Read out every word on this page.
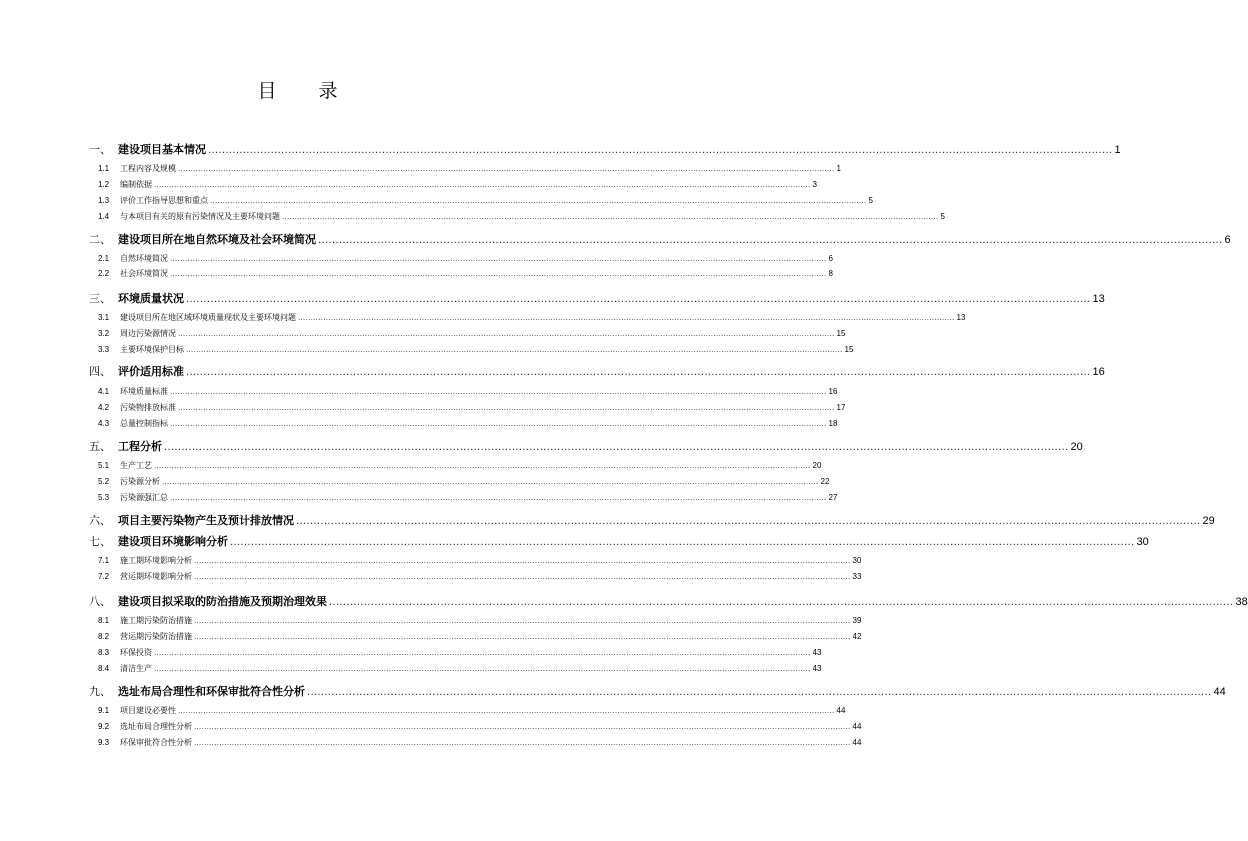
目 录
一、 建设项目基本情况 .................................................................................................................................................................................................................................................................... 1
1.1	工程内容及规模 .................................................................................................................................................................................................................................................................... 1
1.2	编制依据 .................................................................................................................................................................................................................................................................... 3
1.3	评价工作指导思想和重点 .................................................................................................................................................................................................................................................................... 5
1.4	与本项目有关的原有污染情况及主要环境问题 .................................................................................................................................................................................................................................................................... 5
二、 建设项目所在地自然环境及社会环境简况 .................................................................................................................................................................................................................................................................... 6
2.1	自然环境简况 .................................................................................................................................................................................................................................................................... 6
2.2	社会环境简况 .................................................................................................................................................................................................................................................................... 8
三、 环境质量状况 .................................................................................................................................................................................................................................................................... 13
3.1	建设项目所在地区域环境质量现状及主要环境问题 .................................................................................................................................................................................................................................................................... 13
3.2	周边污染源情况 .................................................................................................................................................................................................................................................................... 15
3.3	主要环境保护目标 .................................................................................................................................................................................................................................................................... 15
四、 评价适用标准 .................................................................................................................................................................................................................................................................... 16
4.1	环境质量标准 .................................................................................................................................................................................................................................................................... 16
4.2	污染物排放标准 .................................................................................................................................................................................................................................................................... 17
4.3	总量控制指标 .................................................................................................................................................................................................................................................................... 18
五、 工程分析 .................................................................................................................................................................................................................................................................... 20
5.1	生产工艺 .................................................................................................................................................................................................................................................................... 20
5.2	污染源分析 .................................................................................................................................................................................................................................................................... 22
5.3	污染源强汇总 .................................................................................................................................................................................................................................................................... 27
六、 项目主要污染物产生及预计排放情况 .................................................................................................................................................................................................................................................................... 29
七、 建设项目环境影响分析 .................................................................................................................................................................................................................................................................... 30
7.1	施工期环境影响分析 .................................................................................................................................................................................................................................................................... 30
7.2	营运期环境影响分析 .................................................................................................................................................................................................................................................................... 33
八、 建设项目拟采取的防治措施及预期治理效果 .................................................................................................................................................................................................................................................................... 38
8.1	施工期污染防治措施 .................................................................................................................................................................................................................................................................... 39
8.2	营运期污染防治措施 .................................................................................................................................................................................................................................................................... 42
8.3	环保投资 .................................................................................................................................................................................................................................................................... 43
8.4	清洁生产 .................................................................................................................................................................................................................................................................... 43
九、 选址布局合理性和环保审批符合性分析 .................................................................................................................................................................................................................................................................... 44
9.1	项目建设必要性 .................................................................................................................................................................................................................................................................... 44
9.2	选址布局合理性分析 .................................................................................................................................................................................................................................................................... 44
9.3	环保审批符合性分析 .................................................................................................................................................................................................................................................................... 44
